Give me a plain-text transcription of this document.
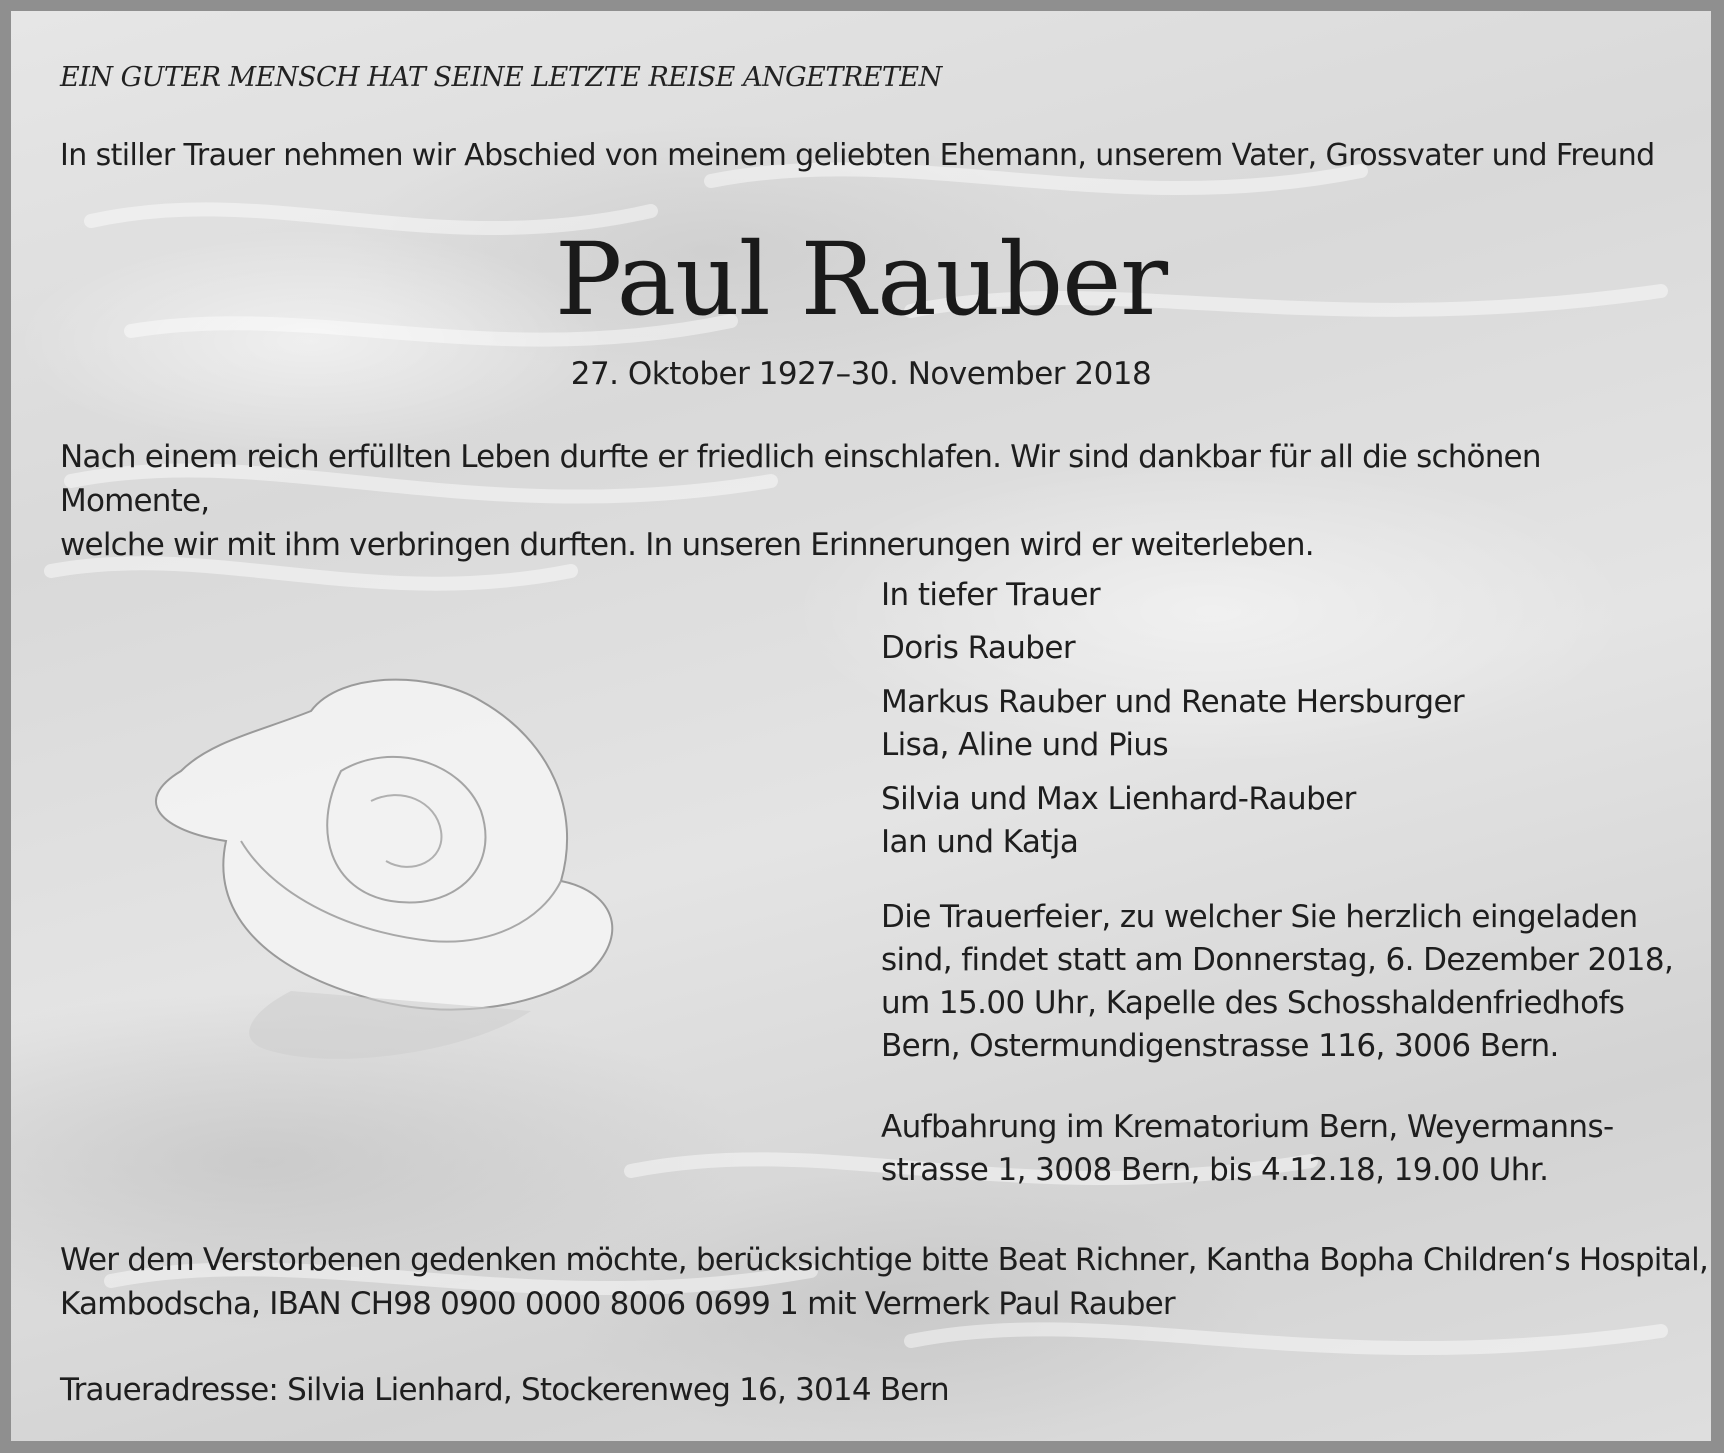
EIN GUTER MENSCH HAT SEINE LETZTE REISE ANGETRETEN

In stiller Trauer nehmen wir Abschied von meinem geliebten Ehemann, unserem Vater, Grossvater und Freund

Paul Rauber

27. Oktober 1927–30. November 2018

Nach einem reich erfüllten Leben durfte er friedlich einschlafen. Wir sind dankbar für all die schönen Momente,
welche wir mit ihm verbringen durften. In unseren Erinnerungen wird er weiterleben.
In tiefer Trauer
Doris Rauber
Markus Rauber und Renate Hersburger
Lisa, Aline und Pius
Silvia und Max Lienhard-Rauber
Ian und Katja
Die Trauerfeier, zu welcher Sie herzlich eingeladen
sind, findet statt am Donnerstag, 6. Dezember 2018,
um 15.00 Uhr, Kapelle des Schosshaldenfriedhofs
Bern, Ostermundigenstrasse 116, 3006 Bern.
Aufbahrung im Krematorium Bern, Weyermanns-
strasse 1, 3008 Bern, bis 4.12.18, 19.00 Uhr.
Wer dem Verstorbenen gedenken möchte, berücksichtige bitte Beat Richner, Kantha Bopha Children‘s Hospital,
Kambodscha, IBAN CH98 0900 0000 8006 0699 1 mit Vermerk Paul Rauber
Traueradresse: Silvia Lienhard, Stockerenweg 16, 3014 Bern
